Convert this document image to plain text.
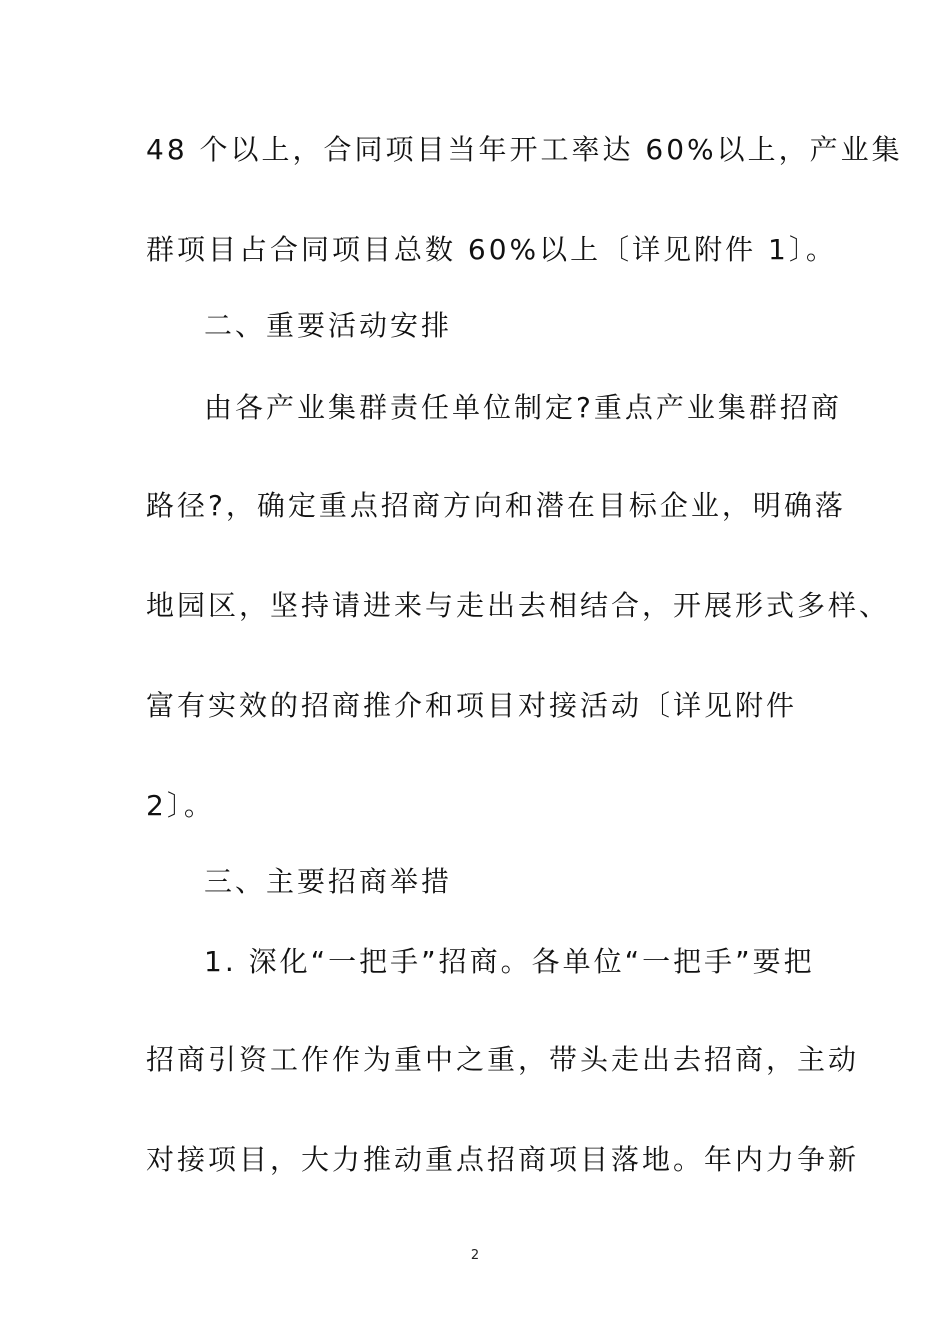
48 个以上，合同项目当年开工率达 60%以上，产业集
群项目占合同项目总数 60%以上〔详见附件 1〕。
二、重要活动安排
由各产业集群责任单位制定?重点产业集群招商
路径?，确定重点招商方向和潜在目标企业，明确落
地园区，坚持请进来与走出去相结合，开展形式多样、
富有实效的招商推介和项目对接活动〔详见附件
2〕。
三、主要招商举措
1. 深化“一把手”招商。各单位“一把手”要把
招商引资工作作为重中之重，带头走出去招商，主动
对接项目，大力推动重点招商项目落地。年内力争新
2
